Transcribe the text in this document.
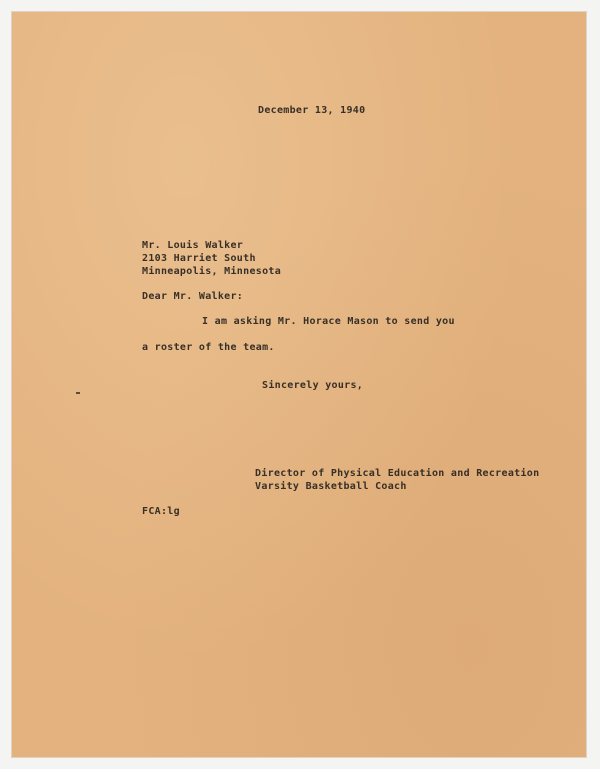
December 13, 1940
Mr. Louis Walker
2103 Harriet South
Minneapolis, Minnesota
Dear Mr. Walker:
I am asking Mr. Horace Mason to send you
a roster of the team.
Sincerely yours,
Director of Physical Education and Recreation
Varsity Basketball Coach
FCA:lg
